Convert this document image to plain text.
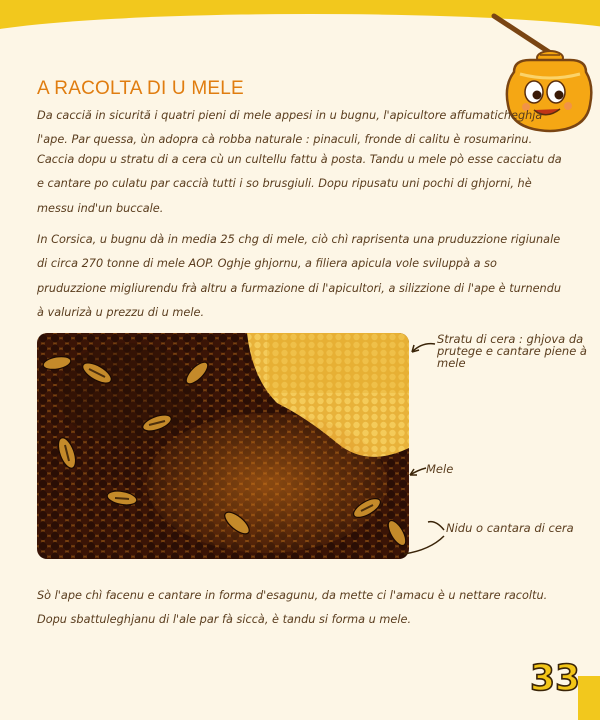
A RACOLTA DI U MELE
Da cacciă in sicurită i quatri pieni di mele appesi in u bugnu, l'apicultore affumaticheghja l'ape. Par quessa, ùn adopra cà robba naturale : pinaculi, fronde di calitu è rosumarinu.
Caccia dopu u stratu di a cera cù un cultellu fattu à posta. Tandu u mele pò esse cacciatu da e cantare po culatu par caccià tutti i so brusgiuli. Dopu ripusatu uni pochi di ghjorni, hè messu ind'un buccale.
In Corsica, u bugnu dà in media 25 chg di mele, ciò chì raprisenta una pruduzzione rigiunale di circa 270 tonne di mele AOP. Oghje ghjornu, a filiera apicula vole sviluppà a so pruduzzione migliurendu frà altru a furmazione di l'apicultori, a silizzione di l'ape è turnendu à valurizà u prezzu di u mele.
Stratu di cera : ghjova da prutege e cantare piene à mele
Mele
Nidu o cantara di cera
Sò l'ape chì facenu e cantare in forma d'esagunu, da mette ci l'amacu è u nettare racoltu. Dopu sbattuleghjanu di l'ale par fà siccà, è tandu si forma u mele.
33
